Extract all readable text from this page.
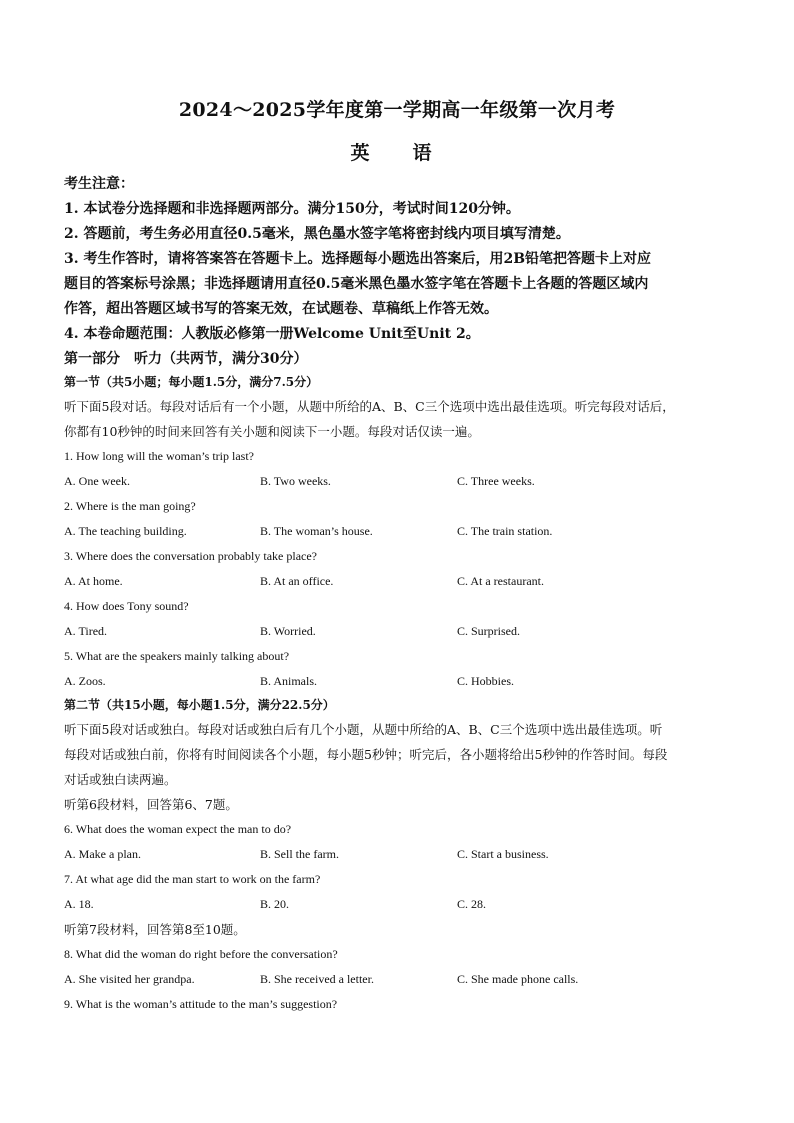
2024～2025学年度第一学期高一年级第一次月考
英　语
考生注意：
1. 本试卷分选择题和非选择题两部分。满分150分，考试时间120分钟。
2. 答题前，考生务必用直径0.5毫米，黑色墨水签字笔将密封线内项目填写清楚。
3. 考生作答时，请将答案答在答题卡上。选择题每小题选出答案后，用2B铅笔把答题卡上对应
题目的答案标号涂黑；非选择题请用直径0.5毫米黑色墨水签字笔在答题卡上各题的答题区域内
作答，超出答题区域书写的答案无效，在试题卷、草稿纸上作答无效。
4. 本卷命题范围：人教版必修第一册Welcome Unit至Unit 2。
第一部分　听力（共两节，满分30分）
第一节（共5小题；每小题1.5分，满分7.5分）
听下面5段对话。每段对话后有一个小题，从题中所给的A、B、C三个选项中选出最佳选项。听完每段对话后，
你都有10秒钟的时间来回答有关小题和阅读下一小题。每段对话仅读一遍。
1. How long will the woman’s trip last?
A. One week.	B. Two weeks.	C. Three weeks.
2. Where is the man going?
A. The teaching building.	B. The woman’s house.	C. The train station.
3. Where does the conversation probably take place?
A. At home.	B. At an office.	C. At a restaurant.
4. How does Tony sound?
A. Tired.	B. Worried.	C. Surprised.
5. What are the speakers mainly talking about?
A. Zoos.	B. Animals.	C. Hobbies.
第二节（共15小题，每小题1.5分，满分22.5分）
听下面5段对话或独白。每段对话或独白后有几个小题，从题中所给的A、B、C三个选项中选出最佳选项。听
每段对话或独白前，你将有时间阅读各个小题，每小题5秒钟；听完后，各小题将给出5秒钟的作答时间。每段
对话或独白读两遍。
听第6段材料，回答第6、7题。
6. What does the woman expect the man to do?
A. Make a plan.	B. Sell the farm.	C. Start a business.
7. At what age did the man start to work on the farm?
A. 18.	B. 20.	C. 28.
听第7段材料，回答第8至10题。
8. What did the woman do right before the conversation?
A. She visited her grandpa.	B. She received a letter.	C. She made phone calls.
9. What is the woman’s attitude to the man’s suggestion?
